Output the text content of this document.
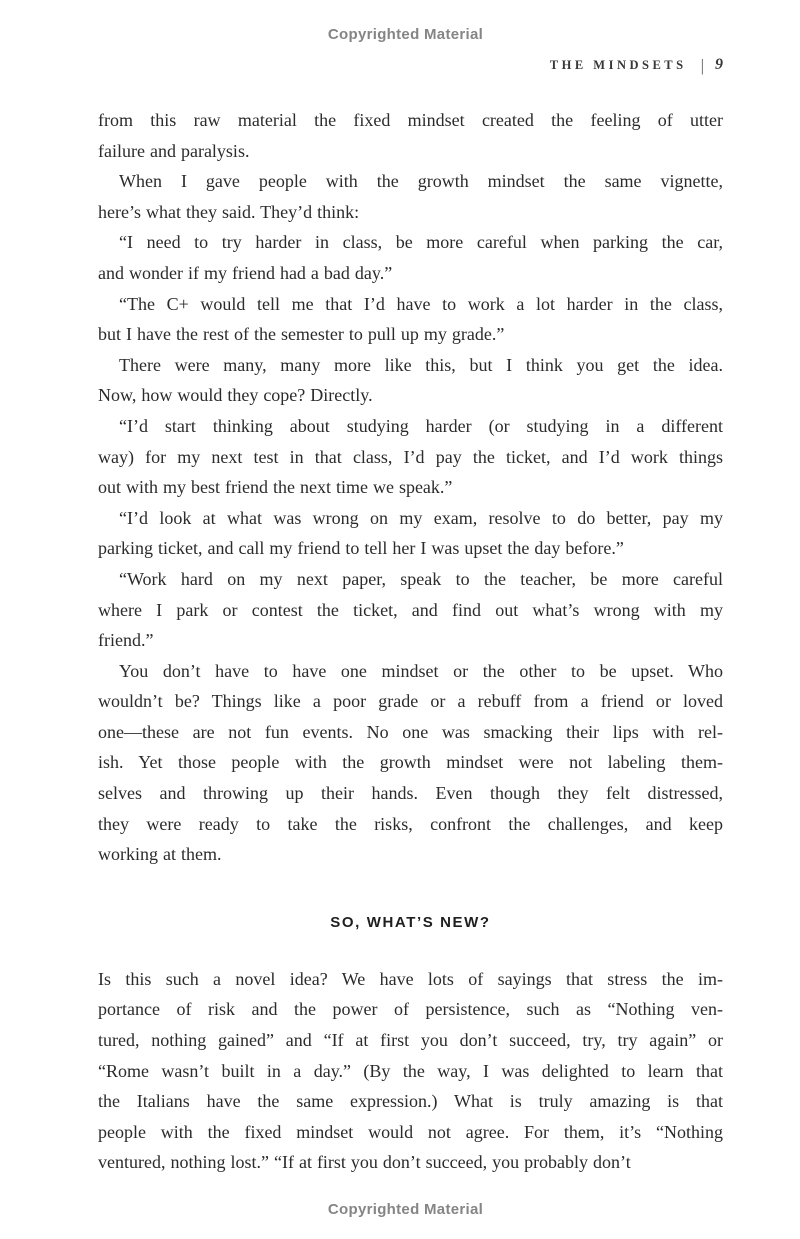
Copyrighted Material
THE MINDSETS | 9
from this raw material the fixed mindset created the feeling of utter
failure and paralysis.
When I gave people with the growth mindset the same vignette,
here’s what they said. They’d think:
“I need to try harder in class, be more careful when parking the car,
and wonder if my friend had a bad day.”
“The C+ would tell me that I’d have to work a lot harder in the class,
but I have the rest of the semester to pull up my grade.”
There were many, many more like this, but I think you get the idea.
Now, how would they cope? Directly.
“I’d start thinking about studying harder (or studying in a different
way) for my next test in that class, I’d pay the ticket, and I’d work things
out with my best friend the next time we speak.”
“I’d look at what was wrong on my exam, resolve to do better, pay my
parking ticket, and call my friend to tell her I was upset the day before.”
“Work hard on my next paper, speak to the teacher, be more careful
where I park or contest the ticket, and find out what’s wrong with my
friend.”
You don’t have to have one mindset or the other to be upset. Who
wouldn’t be? Things like a poor grade or a rebuff from a friend or loved
one—these are not fun events. No one was smacking their lips with rel-
ish. Yet those people with the growth mindset were not labeling them-
selves and throwing up their hands. Even though they felt distressed,
they were ready to take the risks, confront the challenges, and keep
working at them.
SO, WHAT’S NEW?
Is this such a novel idea? We have lots of sayings that stress the im-
portance of risk and the power of persistence, such as “Nothing ven-
tured, nothing gained” and “If at first you don’t succeed, try, try again” or
“Rome wasn’t built in a day.” (By the way, I was delighted to learn that
the Italians have the same expression.) What is truly amazing is that
people with the fixed mindset would not agree. For them, it’s “Nothing
ventured, nothing lost.” “If at first you don’t succeed, you probably don’t
Copyrighted Material
